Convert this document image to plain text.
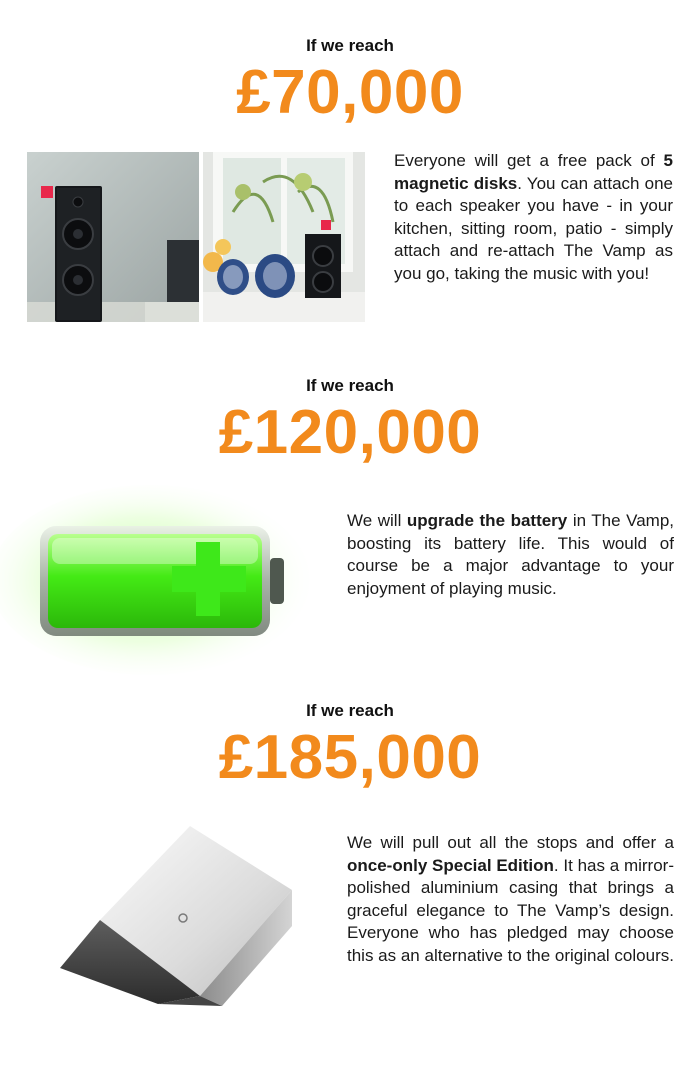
If we reach
£70,000
Everyone will get a free pack of 5 magnetic disks. You can attach one to each speaker you have - in your kitchen, sitting room, patio - simply attach and re-attach The Vamp as you go, taking the music with you!
If we reach
£120,000
We will upgrade the battery in The Vamp, boosting its battery life. This would of course be a major advantage to your enjoyment of playing music.
If we reach
£185,000
We will pull out all the stops and offer a once-only Special Edition. It has a mirror-polished aluminium casing that brings a graceful elegance to The Vamp’s design. Everyone who has pledged may choose this as an alternative to the original colours.
